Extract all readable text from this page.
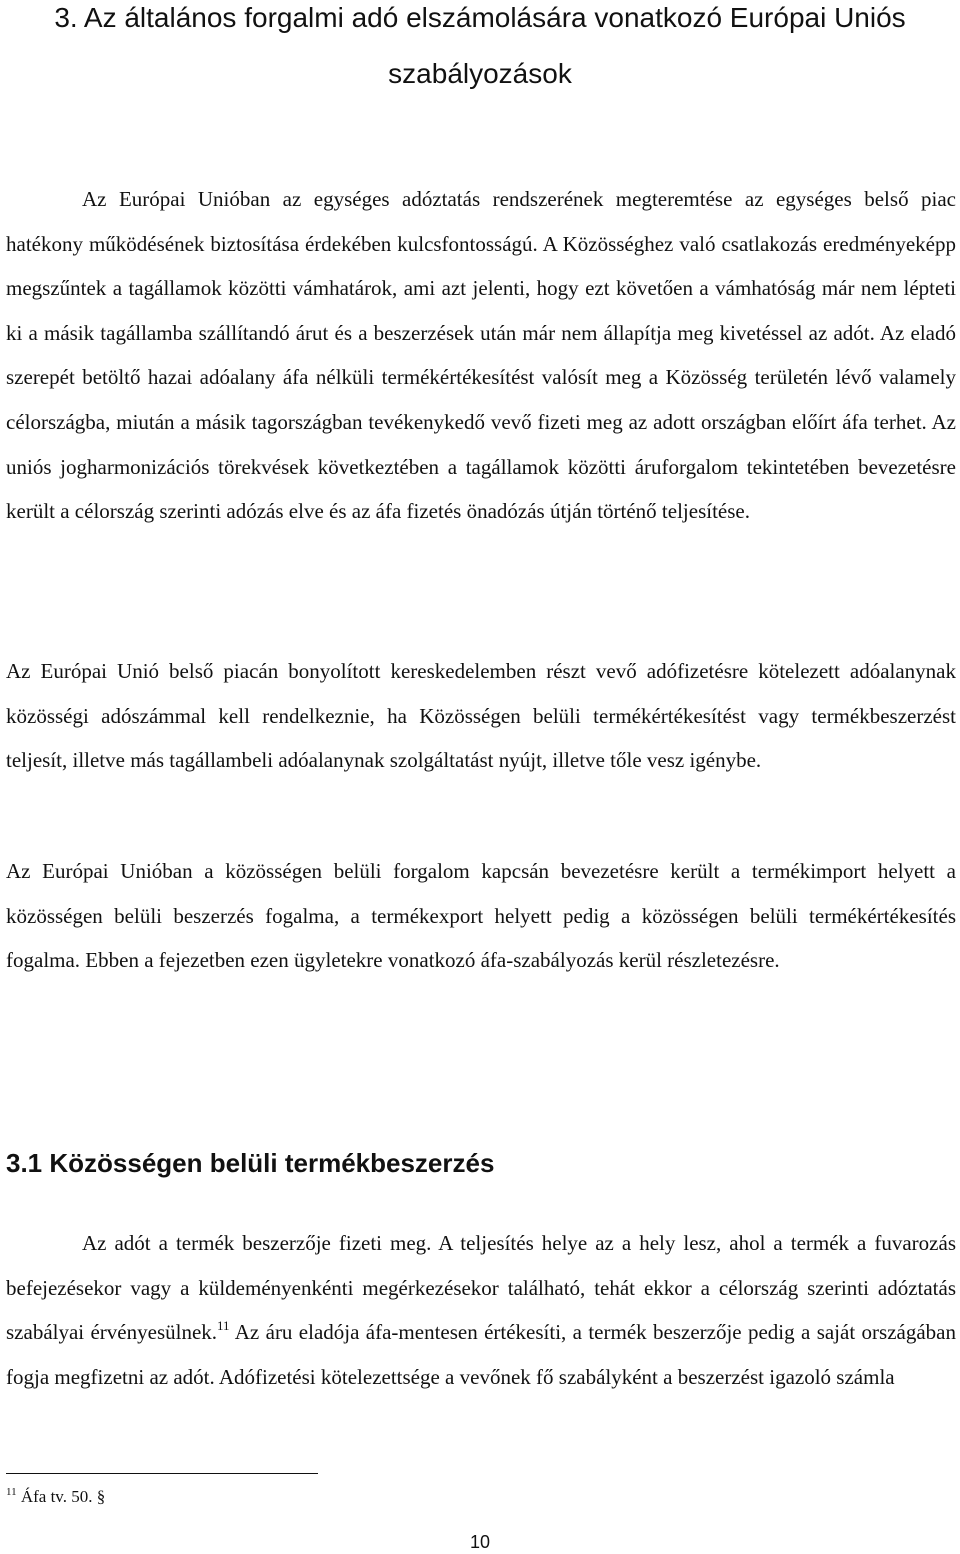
3. Az általános forgalmi adó elszámolására vonatkozó Európai Uniós szabályozások

Az Európai Unióban az egységes adóztatás rendszerének megteremtése az egységes belső piac hatékony működésének biztosítása érdekében kulcsfontosságú. A Közösséghez való csatlakozás eredményeképp megszűntek a tagállamok közötti vámhatárok, ami azt jelenti, hogy ezt követően a vámhatóság már nem lépteti ki a másik tagállamba szállítandó árut és a beszerzések után már nem állapítja meg kivetéssel az adót. Az eladó szerepét betöltő hazai adóalany áfa nélküli termékértékesítést valósít meg a Közösség területén lévő valamely célországba, miután a másik tagországban tevékenykedő vevő fizeti meg az adott országban előírt áfa terhet. Az uniós jogharmonizációs törekvések következtében a tagállamok közötti áruforgalom tekintetében bevezetésre került a célország szerinti adózás elve és az áfa fizetés önadózás útján történő teljesítése.

Az Európai Unió belső piacán bonyolított kereskedelemben részt vevő adófizetésre kötelezett adóalanynak közösségi adószámmal kell rendelkeznie, ha Közösségen belüli termékértékesítést vagy termékbeszerzést teljesít, illetve más tagállambeli adóalanynak szolgáltatást nyújt, illetve tőle vesz igénybe.

Az Európai Unióban a közösségen belüli forgalom kapcsán bevezetésre került a termékimport helyett a közösségen belüli beszerzés fogalma, a termékexport helyett pedig a közösségen belüli termékértékesítés fogalma. Ebben a fejezetben ezen ügyletekre vonatkozó áfa-szabályozás kerül részletezésre.

3.1 Közösségen belüli termékbeszerzés

Az adót a termék beszerzője fizeti meg. A teljesítés helye az a hely lesz, ahol a termék a fuvarozás befejezésekor vagy a küldeményenkénti megérkezésekor található, tehát ekkor a célország szerinti adóztatás szabályai érvényesülnek.$^{11}$ Az áru eladója áfa-mentesen értékesíti, a termék beszerzője pedig a saját országában fogja megfizetni az adót. Adófizetési kötelezettsége a vevőnek fő szabályként a beszerzést igazoló számla

$^{11}$ Áfa tv. 50. §
10
